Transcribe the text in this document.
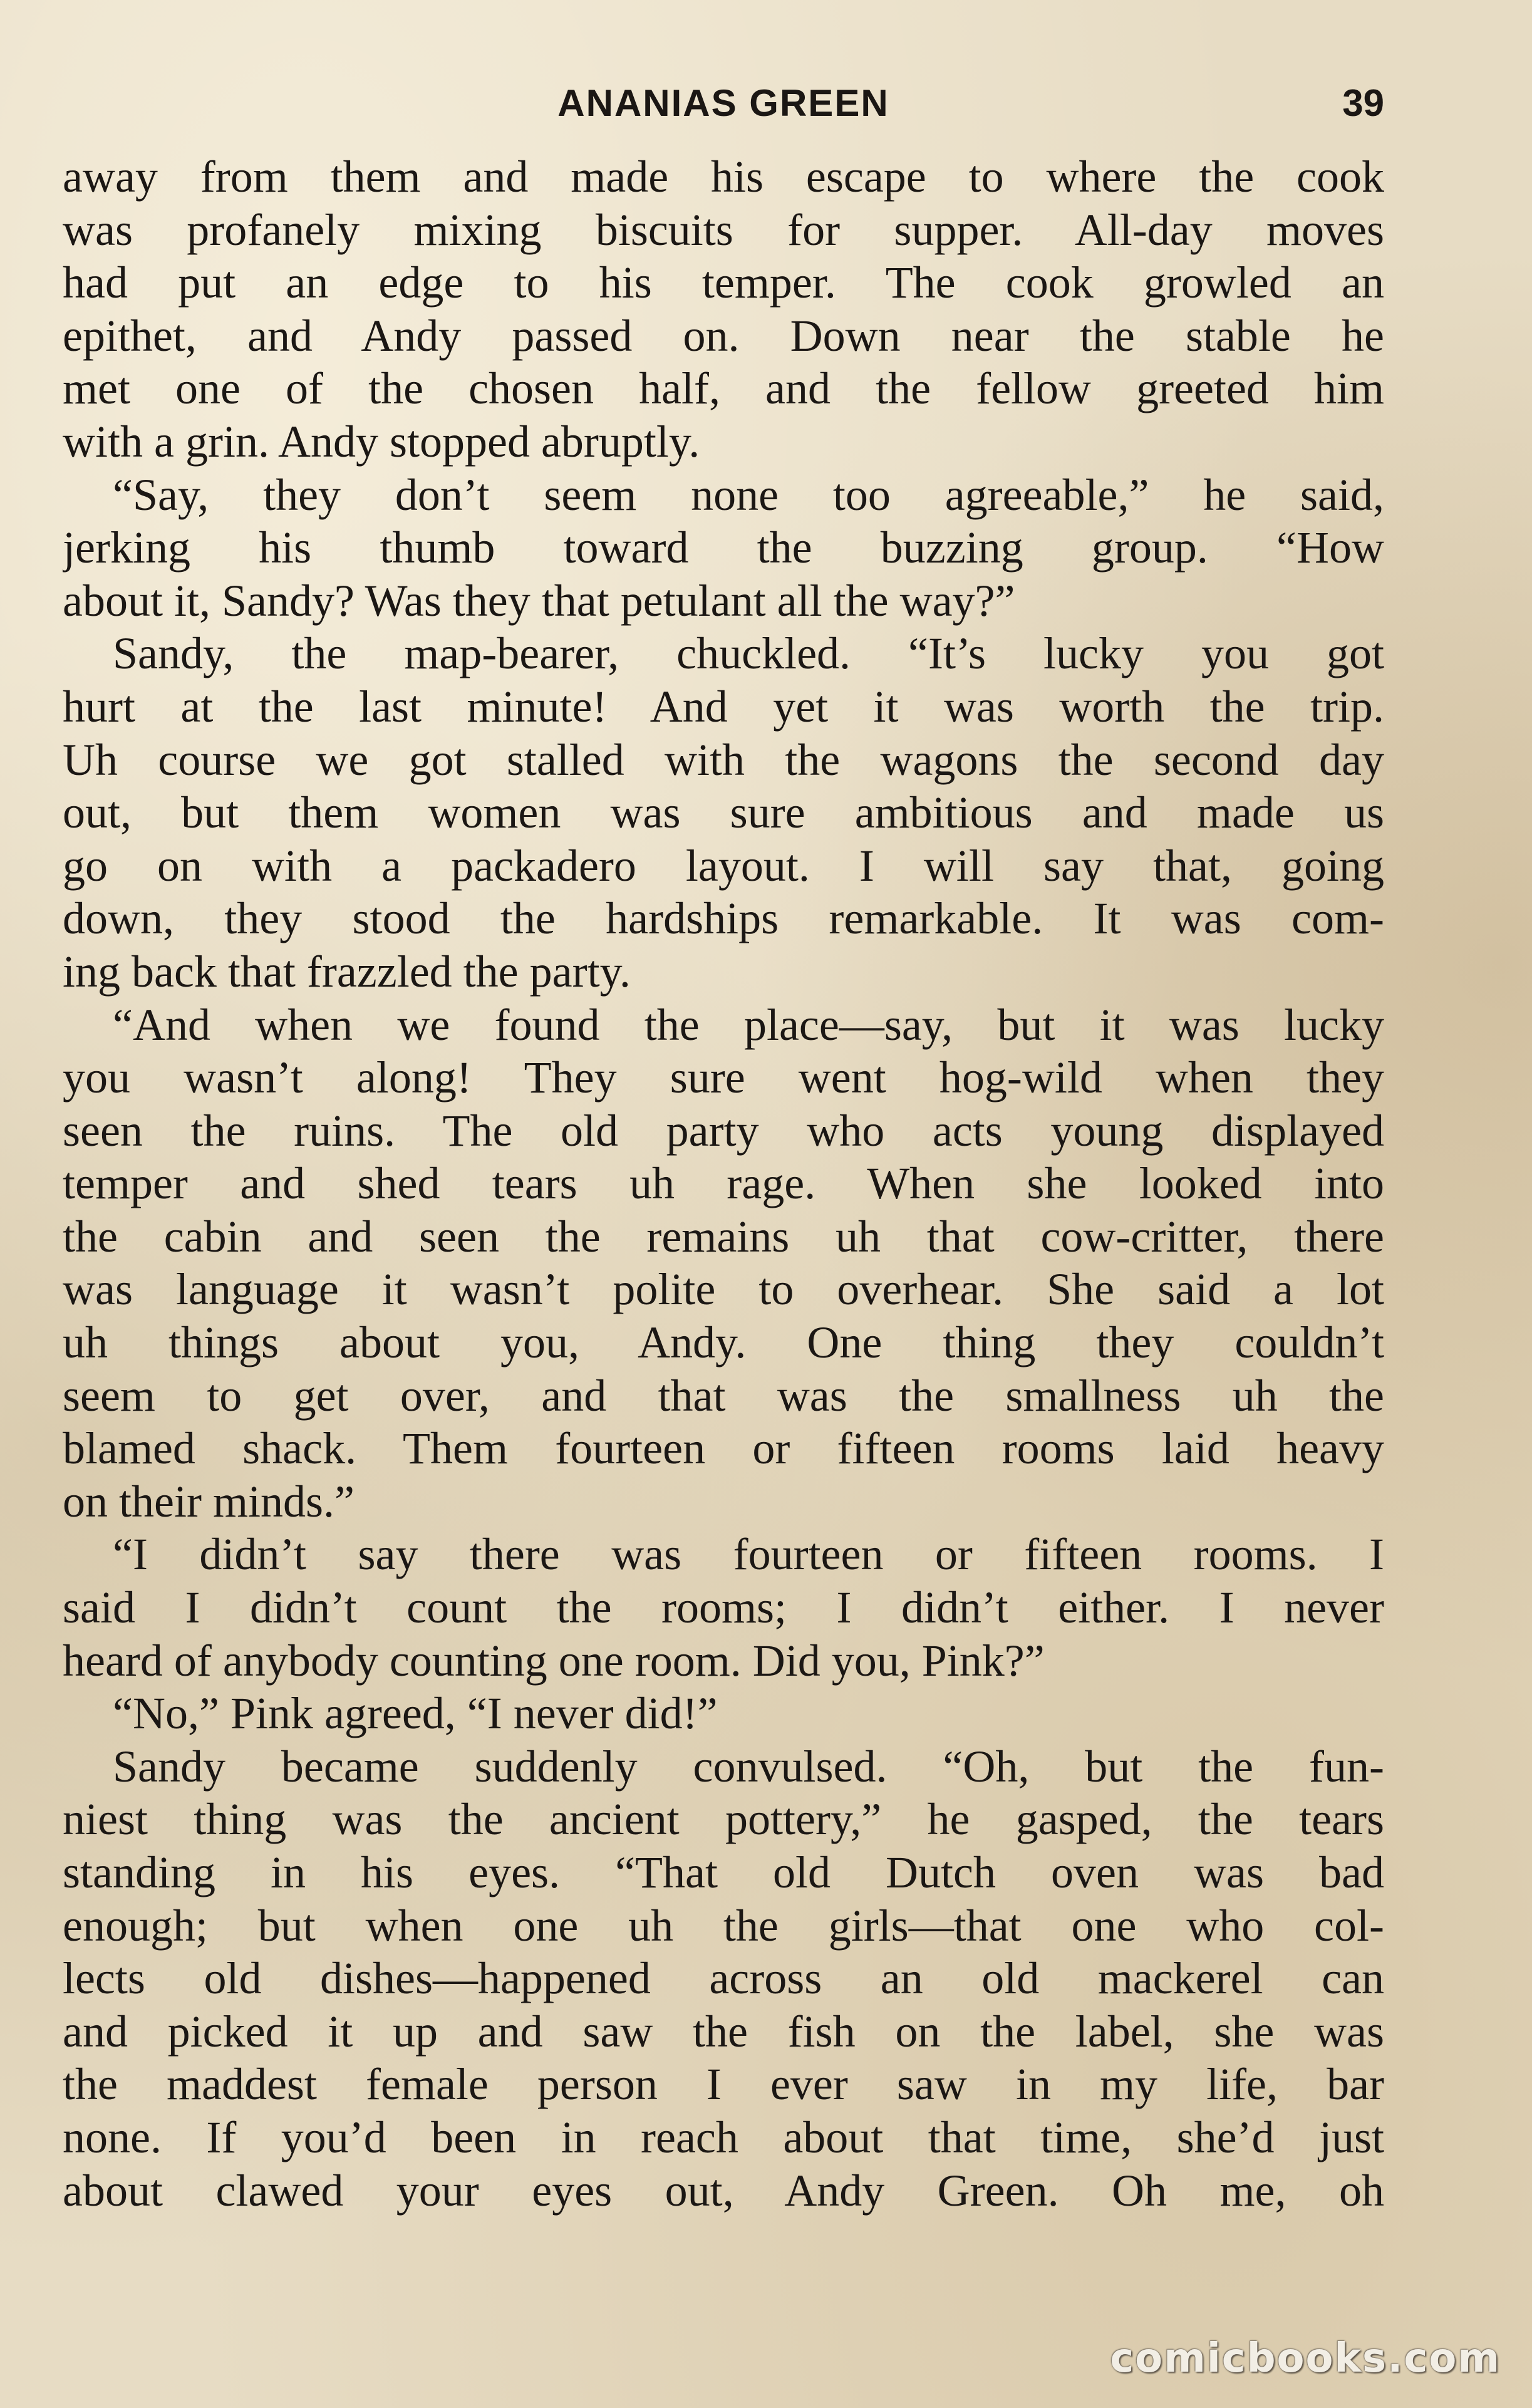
ANANIAS GREEN	39
away from them and made his escape to where the cook
was profanely mixing biscuits for supper. All-day moves
had put an edge to his temper. The cook growled an
epithet, and Andy passed on. Down near the stable he
met one of the chosen half, and the fellow greeted him
with a grin. Andy stopped abruptly.
“Say, they don’t seem none too agreeable,” he said,
jerking his thumb toward the buzzing group. “How
about it, Sandy? Was they that petulant all the way?”
Sandy, the map-bearer, chuckled. “It’s lucky you got
hurt at the last minute! And yet it was worth the trip.
Uh course we got stalled with the wagons the second day
out, but them women was sure ambitious and made us
go on with a packadero layout. I will say that, going
down, they stood the hardships remarkable. It was com-
ing back that frazzled the party.
“And when we found the place—say, but it was lucky
you wasn’t along! They sure went hog-wild when they
seen the ruins. The old party who acts young displayed
temper and shed tears uh rage. When she looked into
the cabin and seen the remains uh that cow-critter, there
was language it wasn’t polite to overhear. She said a lot
uh things about you, Andy. One thing they couldn’t
seem to get over, and that was the smallness uh the
blamed shack. Them fourteen or fifteen rooms laid heavy
on their minds.”
“I didn’t say there was fourteen or fifteen rooms. I
said I didn’t count the rooms; I didn’t either. I never
heard of anybody counting one room. Did you, Pink?”
“No,” Pink agreed, “I never did!”
Sandy became suddenly convulsed. “Oh, but the fun-
niest thing was the ancient pottery,” he gasped, the tears
standing in his eyes. “That old Dutch oven was bad
enough; but when one uh the girls—that one who col-
lects old dishes—happened across an old mackerel can
and picked it up and saw the fish on the label, she was
the maddest female person I ever saw in my life, bar
none. If you’d been in reach about that time, she’d just
about clawed your eyes out, Andy Green. Oh me, oh
comicbooks.com
